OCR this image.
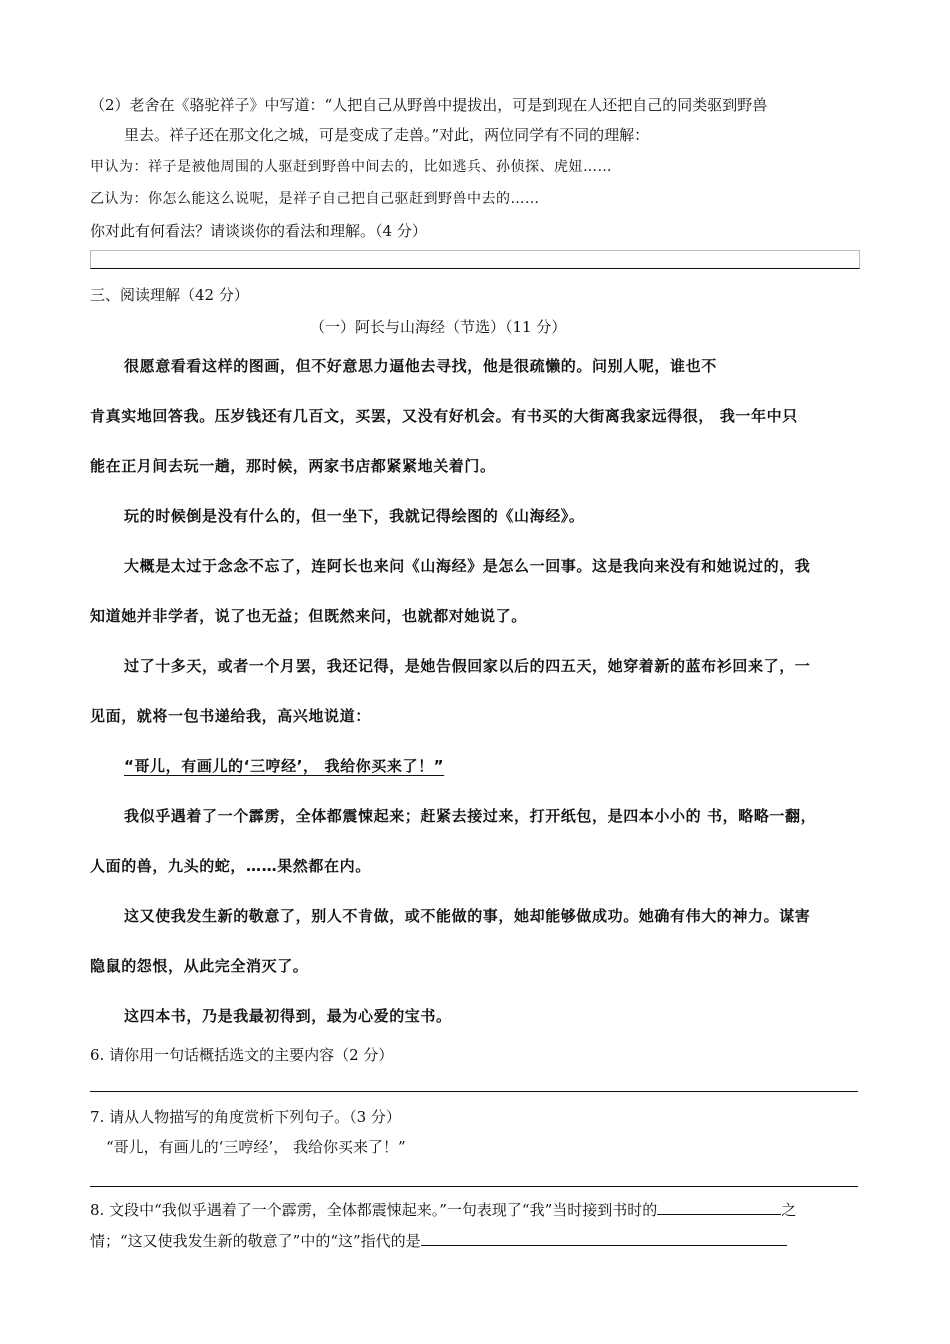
（2）老舍在《骆驼祥子》中写道：“人把自己从野兽中提拔出，可是到现在人还把自己的同类驱到野兽
里去。祥子还在那文化之城，可是变成了走兽。”对此，两位同学有不同的理解：
甲认为：祥子是被他周围的人驱赶到野兽中间去的，比如逃兵、孙侦探、虎妞……
乙认为：你怎么能这么说呢，是祥子自己把自己驱赶到野兽中去的……
你对此有何看法？请谈谈你的看法和理解。（4 分）
三、阅读理解（42 分）
（一）阿长与山海经（节选）（11 分）
很愿意看看这样的图画，但不好意思力逼他去寻找，他是很疏懒的。问别人呢，谁也不
肯真实地回答我。压岁钱还有几百文，买罢，又没有好机会。有书买的大街离我家远得很， 我一年中只
能在正月间去玩一趟，那时候，两家书店都紧紧地关着门。
玩的时候倒是没有什么的，但一坐下，我就记得绘图的《山海经》。
大概是太过于念念不忘了，连阿长也来问《山海经》是怎么一回事。这是我向来没有和她说过的，我
知道她并非学者，说了也无益；但既然来问，也就都对她说了。
过了十多天，或者一个月罢，我还记得，是她告假回家以后的四五天，她穿着新的蓝布衫回来了，一
见面，就将一包书递给我，高兴地说道：
“哥儿，有画儿的‘三哼经’， 我给你买来了！”
我似乎遇着了一个霹雳，全体都震悚起来；赶紧去接过来，打开纸包，是四本小小的 书，略略一翻，
人面的兽，九头的蛇，……果然都在内。
这又使我发生新的敬意了，别人不肯做，或不能做的事，她却能够做成功。她确有伟大的神力。谋害
隐鼠的怨恨，从此完全消灭了。
这四本书，乃是我最初得到，最为心爱的宝书。
6. 请你用一句话概括选文的主要内容（2 分）
7. 请从人物描写的角度赏析下列句子。（3 分）
“哥儿，有画儿的‘三哼经’， 我给你买来了！”
8. 文段中“我似乎遇着了一个霹雳，全体都震悚起来。”一句表现了“我”当时接到书时的	之
情；“这又使我发生新的敬意了”中的“这”指代的是
